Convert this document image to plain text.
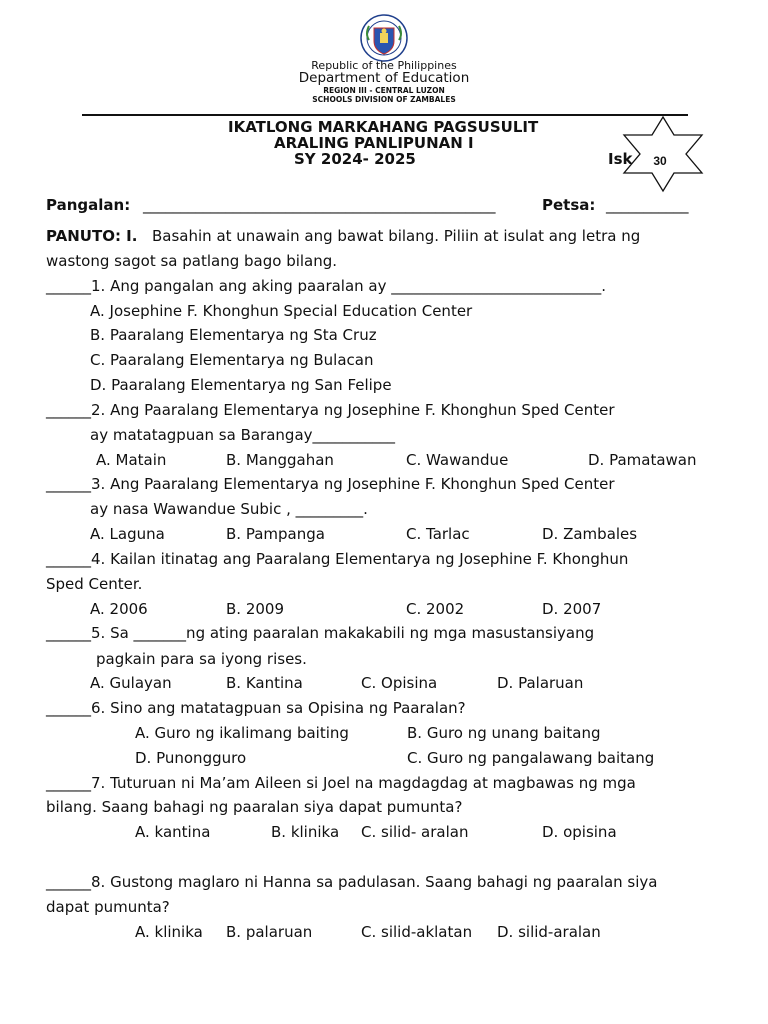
Republic of the Philippines
Department of Education
REGION III - CENTRAL LUZON
SCHOOLS DIVISION OF ZAMBALES
IKATLONG MARKAHANG PAGSUSULIT
ARALING PANLIPUNAN I
SY 2024- 2025	Isk	30
Pangalan: _______________________________________________	Petsa: ___________
PANUTO: I. Basahin at unawain ang bawat bilang. Piliin at isulat ang letra ng
wastong sagot sa patlang bago bilang.
______1. Ang pangalan ang aking paaralan ay ____________________________.
A. Josephine F. Khonghun Special Education Center
B. Paaralang Elementarya ng Sta Cruz
C. Paaralang Elementarya ng Bulacan
D. Paaralang Elementarya ng San Felipe
______2. Ang Paaralang Elementarya ng Josephine F. Khonghun Sped Center
ay matatagpuan sa Barangay___________
A. Matain	B. Manggahan	C. Wawandue	D. Pamatawan
______3. Ang Paaralang Elementarya ng Josephine F. Khonghun Sped Center
ay nasa Wawandue Subic , _________.
A. Laguna	B. Pampanga	C. Tarlac	D. Zambales
______4. Kailan itinatag ang Paaralang Elementarya ng Josephine F. Khonghun
Sped Center.
A. 2006	B. 2009	C. 2002	D. 2007
______5. Sa _______ng ating paaralan makakabili ng mga masustansiyang
pagkain para sa iyong rises.
A. Gulayan	B. Kantina	C. Opisina	D. Palaruan
______6. Sino ang matatagpuan sa Opisina ng Paaralan?
A. Guro ng ikalimang baiting	B. Guro ng unang baitang
D. Punongguro	C. Guro ng pangalawang baitang
______7. Tuturuan ni Ma’am Aileen si Joel na magdagdag at magbawas ng mga
bilang. Saang bahagi ng paaralan siya dapat pumunta?
A. kantina	B. klinika C. silid- aralan	D. opisina
______8. Gustong maglaro ni Hanna sa padulasan. Saang bahagi ng paaralan siya
dapat pumunta?
A. klinika B. palaruan	C. silid-aklatan D. silid-aralan
